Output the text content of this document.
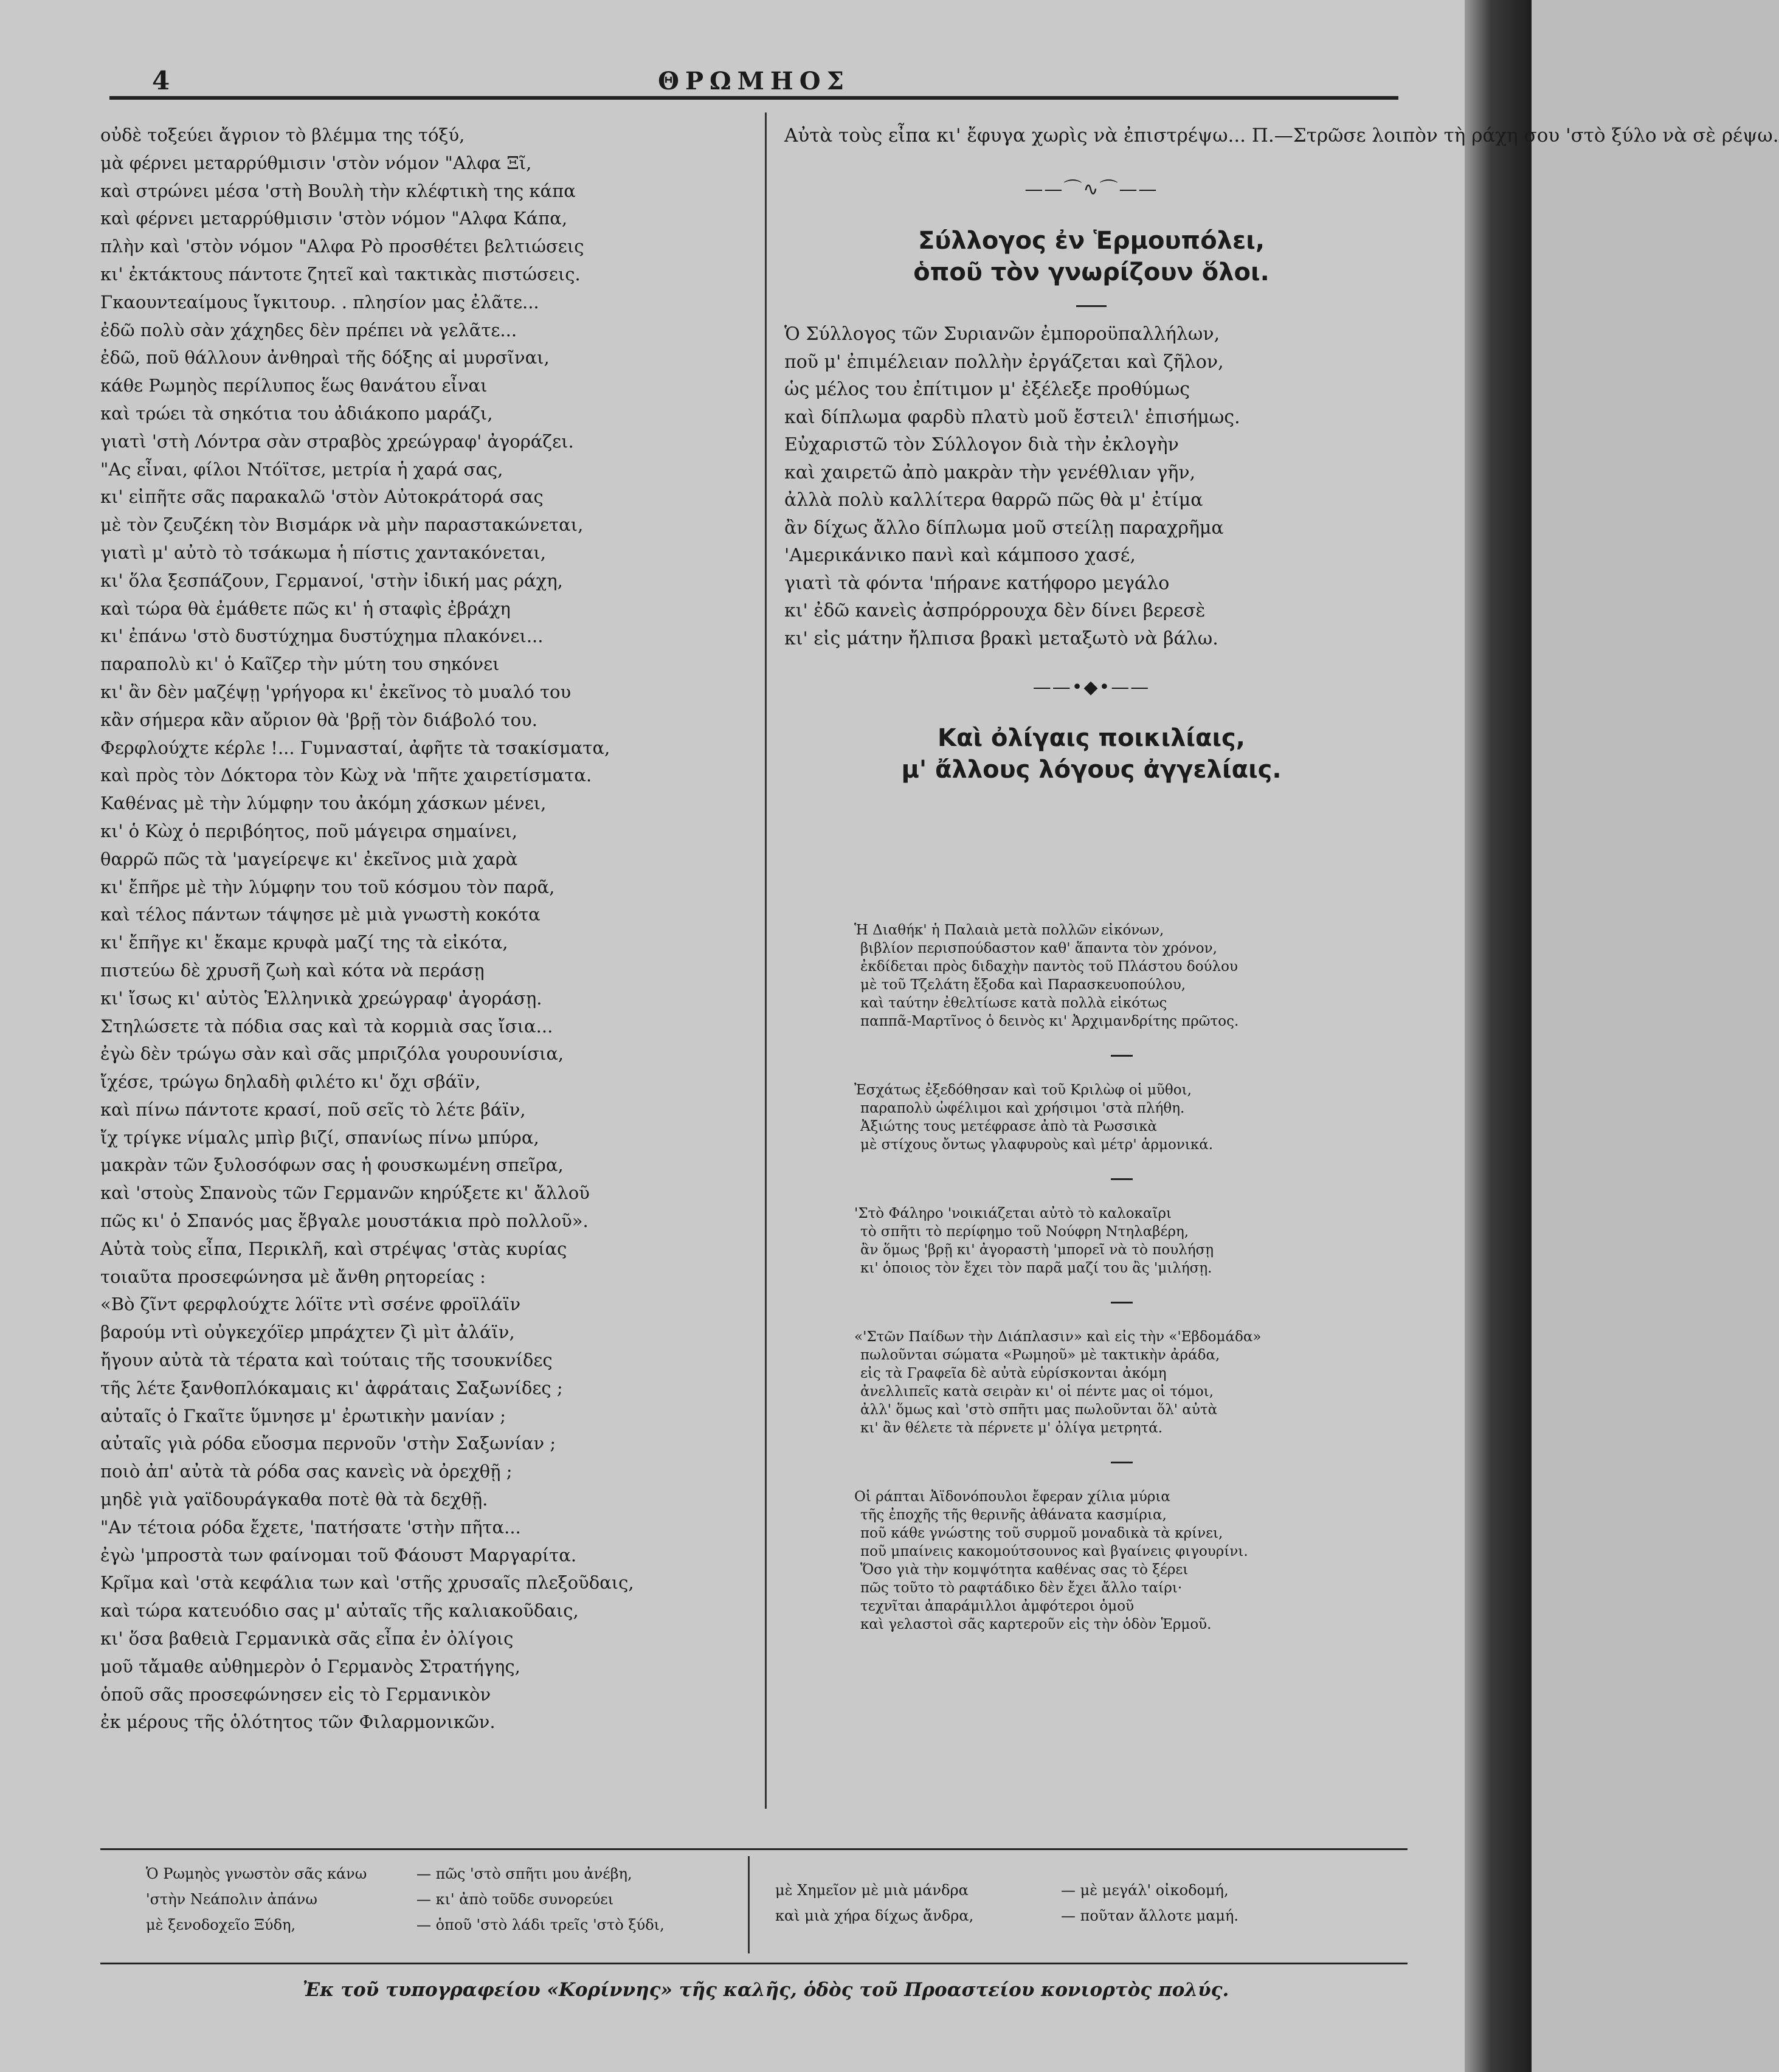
4	ΘΡΩΜΗΟΣ
οὐδὲ τοξεύει ἄγριον τὸ βλέμμα της τόξύ,
μὰ φέρνει μεταρρύθμισιν 'στὸν νόμον "Αλφα Ξῖ,
καὶ στρώνει μέσα 'στὴ Βουλὴ τὴν κλέφτικὴ της κάπα
καὶ φέρνει μεταρρύθμισιν 'στὸν νόμον "Αλφα Κάπα,
πλὴν καὶ 'στὸν νόμον "Αλφα Ρὸ προσθέτει βελτιώσεις
κι' ἐκτάκτους πάντοτε ζητεῖ καὶ τακτικὰς πιστώσεις.
Γκαουντεαίμους ἴγκιτουρ. . πλησίον μας ἐλᾶτε...
ἐδῶ πολὺ σὰν χάχηδες δὲν πρέπει νὰ γελᾶτε...
ἐδῶ, ποῦ θάλλουν ἀνθηραὶ τῆς δόξης αἱ μυρσῖναι,
κάθε Ρωμηὸς περίλυπος ἕως θανάτου εἶναι
καὶ τρώει τὰ σηκότια του ἀδιάκοπο μαράζι,
γιατὶ 'στὴ Λόντρα σὰν στραβὸς χρεώγραφ' ἀγοράζει.
"Ας εἶναι, φίλοι Ντόϊτσε, μετρία ἡ χαρά σας,
κι' εἰπῆτε σᾶς παρακαλῶ 'στὸν Αὐτοκράτορά σας
μὲ τὸν ζευζέκη τὸν Βισμάρκ νὰ μὴν παραστακώνεται,
γιατὶ μ' αὐτὸ τὸ τσάκωμα ἡ πίστις χαντακόνεται,
κι' ὅλα ξεσπάζουν, Γερμανοί, 'στὴν ἰδική μας ράχη,
καὶ τώρα θὰ ἐμάθετε πῶς κι' ἡ σταφὶς ἐβράχη
κι' ἐπάνω 'στὸ δυστύχημα δυστύχημα πλακόνει...
παραπολὺ κι' ὁ Καῖζερ τὴν μύτη του σηκόνει
κι' ἂν δὲν μαζέψῃ 'γρήγορα κι' ἐκεῖνος τὸ μυαλό του
κἂν σήμερα κἂν αὔριον θὰ 'βρῇ τὸν διάβολό του.
Φερφλούχτε κέρλε !... Γυμνασταί, ἀφῆτε τὰ τσακίσματα,
καὶ πρὸς τὸν Δόκτορα τὸν Κὼχ νὰ 'πῆτε χαιρετίσματα.
Καθένας μὲ τὴν λύμφην του ἀκόμη χάσκων μένει,
κι' ὁ Κὼχ ὁ περιβόητος, ποῦ μάγειρα σημαίνει,
θαρρῶ πῶς τὰ 'μαγείρεψε κι' ἐκεῖνος μιὰ χαρὰ
κι' ἔπῆρε μὲ τὴν λύμφην του τοῦ κόσμου τὸν παρᾶ,
καὶ τέλος πάντων τάψησε μὲ μιὰ γνωστὴ κοκότα
κι' ἔπῆγε κι' ἔκαμε κρυφὰ μαζί της τὰ εἰκότα,
πιστεύω δὲ χρυσῆ ζωὴ καὶ κότα νὰ περάσῃ
κι' ἴσως κι' αὐτὸς Ἑλληνικὰ χρεώγραφ' ἀγοράσῃ.
Στηλώσετε τὰ πόδια σας καὶ τὰ κορμιὰ σας ἴσια...
ἐγὼ δὲν τρώγω σὰν καὶ σᾶς μπριζόλα γουρουνίσια,
ἴχέσε, τρώγω δηλαδὴ φιλέτο κι' ὄχι σβάϊν,
καὶ πίνω πάντοτε κρασί, ποῦ σεῖς τὸ λέτε βάϊν,
ἴχ τρίγκε νίμαλς μπὶρ βιζί, σπανίως πίνω μπύρα,
μακρὰν τῶν ξυλοσόφων σας ἡ φουσκωμένη σπεῖρα,
καὶ 'στοὺς Σπανοὺς τῶν Γερμανῶν κηρύξετε κι' ἄλλοῦ
πῶς κι' ὁ Σπανός μας ἔβγαλε μουστάκια πρὸ πολλοῦ».
Αὐτὰ τοὺς εἶπα, Περικλῆ, καὶ στρέψας 'στὰς κυρίας
τοιαῦτα προσεφώνησα μὲ ἄνθη ρητορείας :
«Βὸ ζῖντ φερφλούχτε λόϊτε ντὶ σσένε φροϊλάϊν
βαρούμ ντὶ οὐγκεχόϊερ μπράχτεν ζὶ μὶτ ἀλάϊν,
ἤγουν αὐτὰ τὰ τέρατα καὶ τούταις τῆς τσουκνίδες
τῆς λέτε ξανθοπλόκαμαις κι' ἀφράταις Σαξωνίδες ;
αὐταῖς ὁ Γκαῖτε ὕμνησε μ' ἐρωτικὴν μανίαν ;
αὐταῖς γιὰ ρόδα εὔοσμα περνοῦν 'στὴν Σαξωνίαν ;
ποιὸ ἀπ' αὐτὰ τὰ ρόδα σας κανεὶς νὰ ὀρεχθῇ ;
μηδὲ γιὰ γαϊδουράγκαθα ποτὲ θὰ τὰ δεχθῇ.
"Αν τέτοια ρόδα ἔχετε, 'πατήσατε 'στὴν πῆτα...
ἐγὼ 'μπροστὰ των φαίνομαι τοῦ Φάουστ Μαργαρίτα.
Κρῖμα καὶ 'στὰ κεφάλια των καὶ 'στῆς χρυσαῖς πλεξοῦδαις,
καὶ τώρα κατευόδιο σας μ' αὐταῖς τῆς καλιακοῦδαις,
κι' ὅσα βαθειὰ Γερμανικὰ σᾶς εἶπα ἐν ὀλίγοις
μοῦ τἄμαθε αὐθημερὸν ὁ Γερμανὸς Στρατήγης,
ὁποῦ σᾶς προσεφώνησεν εἰς τὸ Γερμανικὸν
ἐκ μέρους τῆς ὁλότητος τῶν Φιλαρμονικῶν.
Αὐτὰ τοὺς εἶπα κι' ἔφυγα χωρὶς νὰ ἐπιστρέψω... Π.—Στρῶσε λοιπὸν τὴ ράχη σου 'στὸ ξύλο νὰ σὲ ρέψω.
——⌒∿⌒——
Σύλλογος ἐν Ἑρμουπόλει,
ὁποῦ τὸν γνωρίζουν ὅλοι.
Ὁ Σύλλογος τῶν Συριανῶν ἐμποροϋπαλλήλων,
ποῦ μ' ἐπιμέλειαν πολλὴν ἐργάζεται καὶ ζῆλον,
ὡς μέλος του ἐπίτιμον μ' ἐξέλεξε προθύμως
καὶ δίπλωμα φαρδὺ πλατὺ μοῦ ἔστειλ' ἐπισήμως.
Εὐχαριστῶ τὸν Σύλλογον διὰ τὴν ἐκλογὴν
καὶ χαιρετῶ ἀπὸ μακρὰν τὴν γενέθλιαν γῆν,
ἀλλὰ πολὺ καλλίτερα θαρρῶ πῶς θὰ μ' ἐτίμα
ἂν δίχως ἄλλο δίπλωμα μοῦ στείλῃ παραχρῆμα
'Αμερικάνικο πανὶ καὶ κάμποσο χασέ,
γιατὶ τὰ φόντα 'πήρανε κατήφορο μεγάλο
κι' ἐδῶ κανεὶς ἀσπρόρρουχα δὲν δίνει βερεσὲ
κι' εἰς μάτην ἤλπισα βρακὶ μεταξωτὸ νὰ βάλω.
——•◆•——
Καὶ ὀλίγαις ποικιλίαις,
μ' ἄλλους λόγους ἀγγελίαις.
Ἡ Διαθήκ' ἡ Παλαιὰ μετὰ πολλῶν εἰκόνων,
βιβλίον περισπούδαστον καθ' ἅπαντα τὸν χρόνον,
ἐκδίδεται πρὸς διδαχὴν παντὸς τοῦ Πλάστου δούλου
μὲ τοῦ Τζελάτη ἔξοδα καὶ Παρασκευοπούλου,
καὶ ταύτην ἐθελτίωσε κατὰ πολλὰ εἰκότως
παππᾶ-Μαρτῖνος ὁ δεινὸς κι' Ἀρχιμανδρίτης πρῶτος.
Ἐσχάτως ἐξεδόθησαν καὶ τοῦ Κριλὼφ οἱ μῦθοι,
παραπολὺ ὠφέλιμοι καὶ χρήσιμοι 'στὰ πλήθη.
Ἀξιώτης τους μετέφρασε ἀπὸ τὰ Ρωσσικὰ
μὲ στίχους ὄντως γλαφυροὺς καὶ μέτρ' ἁρμονικά.
'Στὸ Φάληρο 'νοικιάζεται αὐτὸ τὸ καλοκαῖρι
τὸ σπῆτι τὸ περίφημο τοῦ Νούφρη Ντηλαβέρη,
ἂν ὅμως 'βρῇ κι' ἀγοραστὴ 'μπορεῖ νὰ τὸ πουλήσῃ
κι' ὁποιος τὸν ἔχει τὸν παρᾶ μαζί του ἂς 'μιλήσῃ.
«'Στῶν Παίδων τὴν Διάπλασιν» καὶ εἰς τὴν «'Εβδομάδα»
πωλοῦνται σώματα «Ρωμηοῦ» μὲ τακτικὴν ἀράδα,
εἰς τὰ Γραφεῖα δὲ αὐτὰ εὑρίσκονται ἀκόμη
ἀνελλιπεῖς κατὰ σειρὰν κι' οἱ πέντε μας οἱ τόμοι,
ἀλλ' ὅμως καὶ 'στὸ σπῆτι μας πωλοῦνται ὅλ' αὐτὰ
κι' ἂν θέλετε τὰ πέρνετε μ' ὀλίγα μετρητά.
Οἱ ράπται Ἀϊδονόπουλοι ἔφεραν χίλια μύρια
τῆς ἐποχῆς τῆς θερινῆς ἀθάνατα κασμίρια,
ποῦ κάθε γνώστης τοῦ συρμοῦ μοναδικὰ τὰ κρίνει,
ποῦ μπαίνεις κακομούτσουνος καὶ βγαίνεις φιγουρίνι.
Ὅσο γιὰ τὴν κομψότητα καθένας σας τὸ ξέρει
πῶς τοῦτο τὸ ραφτάδικο δὲν ἔχει ἄλλο ταίρι·
τεχνῖται ἀπαράμιλλοι ἀμφότεροι ὁμοῦ
καὶ γελαστοὶ σᾶς καρτεροῦν εἰς τὴν ὁδὸν Ἑρμοῦ.
Ὁ Ρωμηὸς γνωστὸν σᾶς κάνω
'στὴν Νεάπολιν ἀπάνω
μὲ ξενοδοχεῖο Ξύδη,
— πῶς 'στὸ σπῆτι μου ἀνέβη,
— κι' ἀπὸ τοῦδε συνορεύει
— ὁποῦ 'στὸ λάδι τρεῖς 'στὸ ξύδι,
μὲ Χημεῖον μὲ μιὰ μάνδρα
καὶ μιὰ χήρα δίχως ἄνδρα,
— μὲ μεγάλ' οἰκοδομή,
— ποῦταν ἄλλοτε μαμή.
Ἐκ τοῦ τυπογραφείου «Κορίννης» τῆς καλῆς, ὁδὸς τοῦ Προαστείου κονιορτὸς πολύς.
